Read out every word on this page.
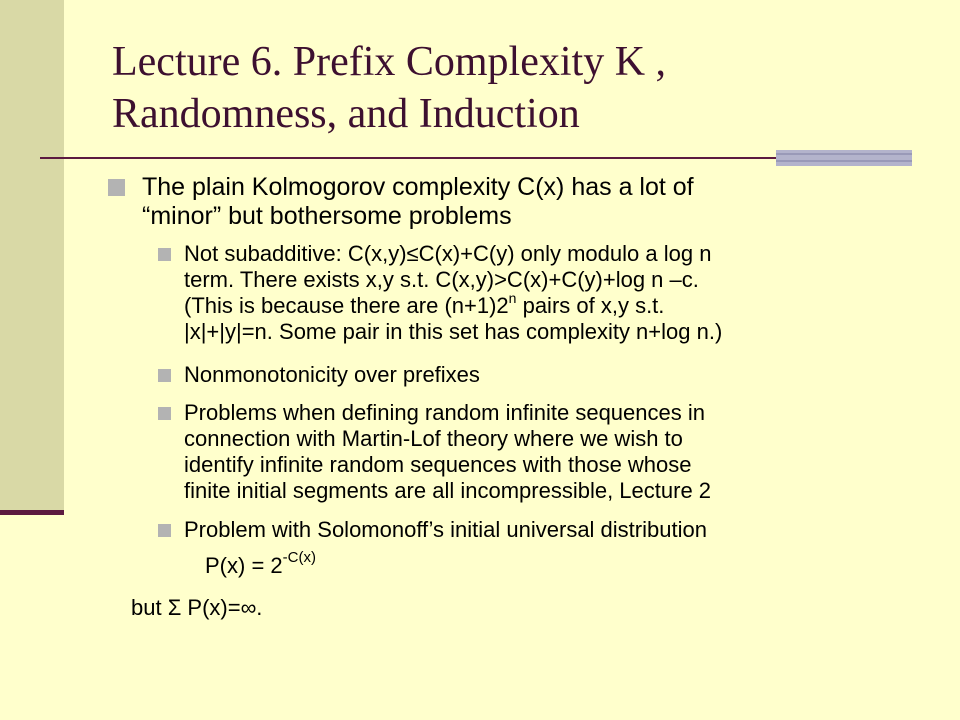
Lecture 6. Prefix Complexity K ,
Randomness, and Induction
The plain Kolmogorov complexity C(x) has a lot of
“minor” but bothersome problems
Not subadditive: C(x,y)≤C(x)+C(y) only modulo a log n
term. There exists x,y s.t. C(x,y)>C(x)+C(y)+log n –c.
(This is because there are $(n+1)2^n$ pairs of x,y s.t.
|x|+|y|=n. Some pair in this set has complexity n+log n.)
Nonmonotonicity over prefixes
Problems when defining random infinite sequences in
connection with Martin-Lof theory where we wish to
identify infinite random sequences with those whose
finite initial segments are all incompressible, Lecture 2
Problem with Solomonoff’s initial universal distribution
$P(x) = 2^{-C(x)}$
but Σ P(x)=∞.
